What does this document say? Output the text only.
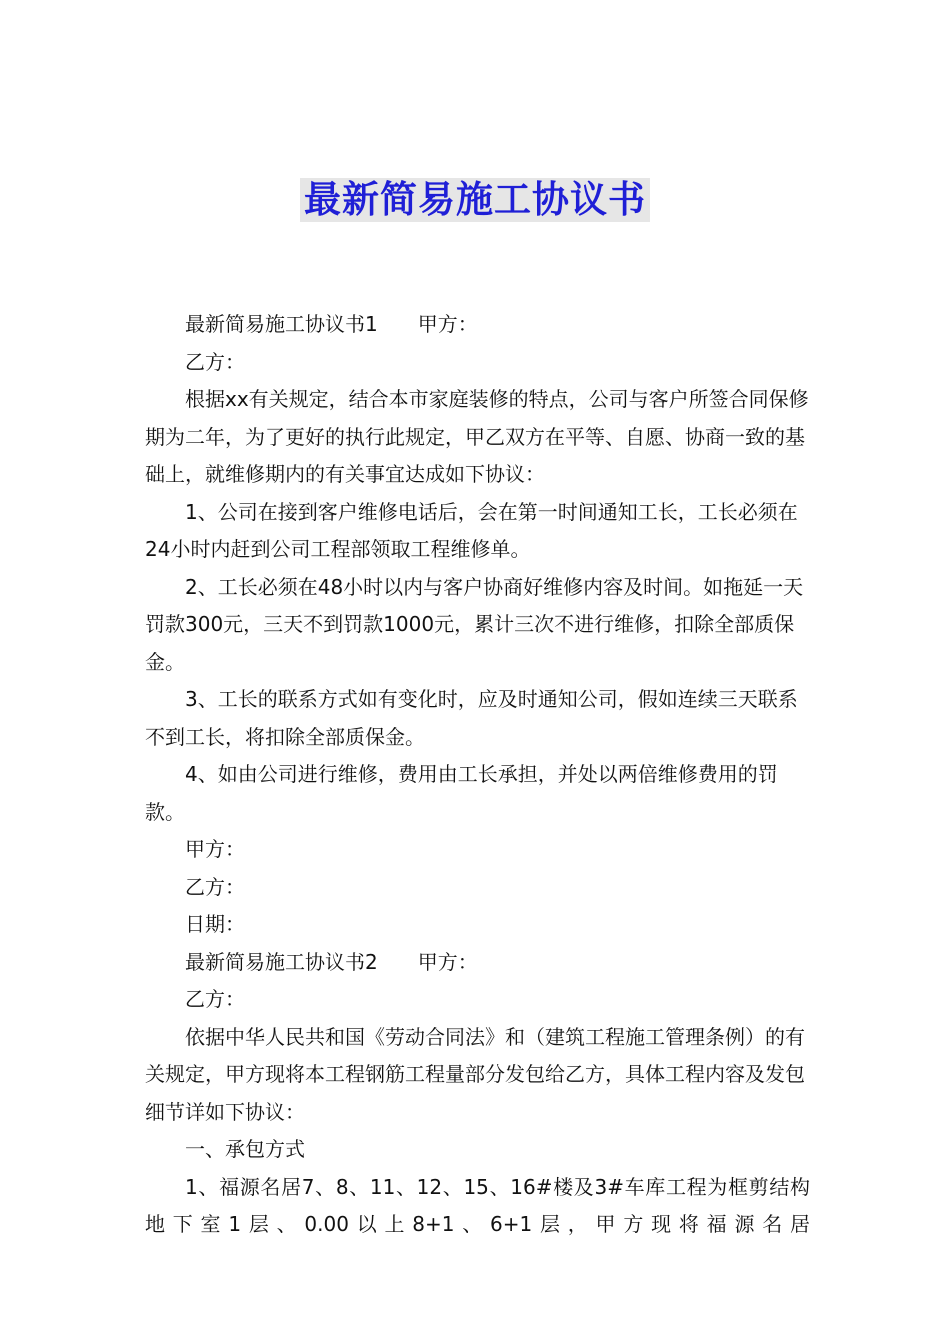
最新简易施工协议书

最新简易施工协议书1　　甲方：

乙方：

根据xx有关规定，结合本市家庭装修的特点，公司与客户所签合同保修期为二年，为了更好的执行此规定，甲乙双方在平等、自愿、协商一致的基础上，就维修期内的有关事宜达成如下协议：

1、公司在接到客户维修电话后，会在第一时间通知工长，工长必须在24小时内赶到公司工程部领取工程维修单。

2、工长必须在48小时以内与客户协商好维修内容及时间。如拖延一天罚款300元，三天不到罚款1000元，累计三次不进行维修，扣除全部质保金。

3、工长的联系方式如有变化时，应及时通知公司，假如连续三天联系不到工长，将扣除全部质保金。

4、如由公司进行维修，费用由工长承担，并处以两倍维修费用的罚款。

甲方：

乙方：

日期：

最新简易施工协议书2　　甲方：

乙方：

依据中华人民共和国《劳动合同法》和（建筑工程施工管理条例）的有关规定，甲方现将本工程钢筋工程量部分发包给乙方，具体工程内容及发包细节详如下协议：

一、承包方式

1、福源名居7、8、11、12、15、16#楼及3#车库工程为框剪结构地下室1层、0.00以上8+1、6+1层，甲方现将福源名居
